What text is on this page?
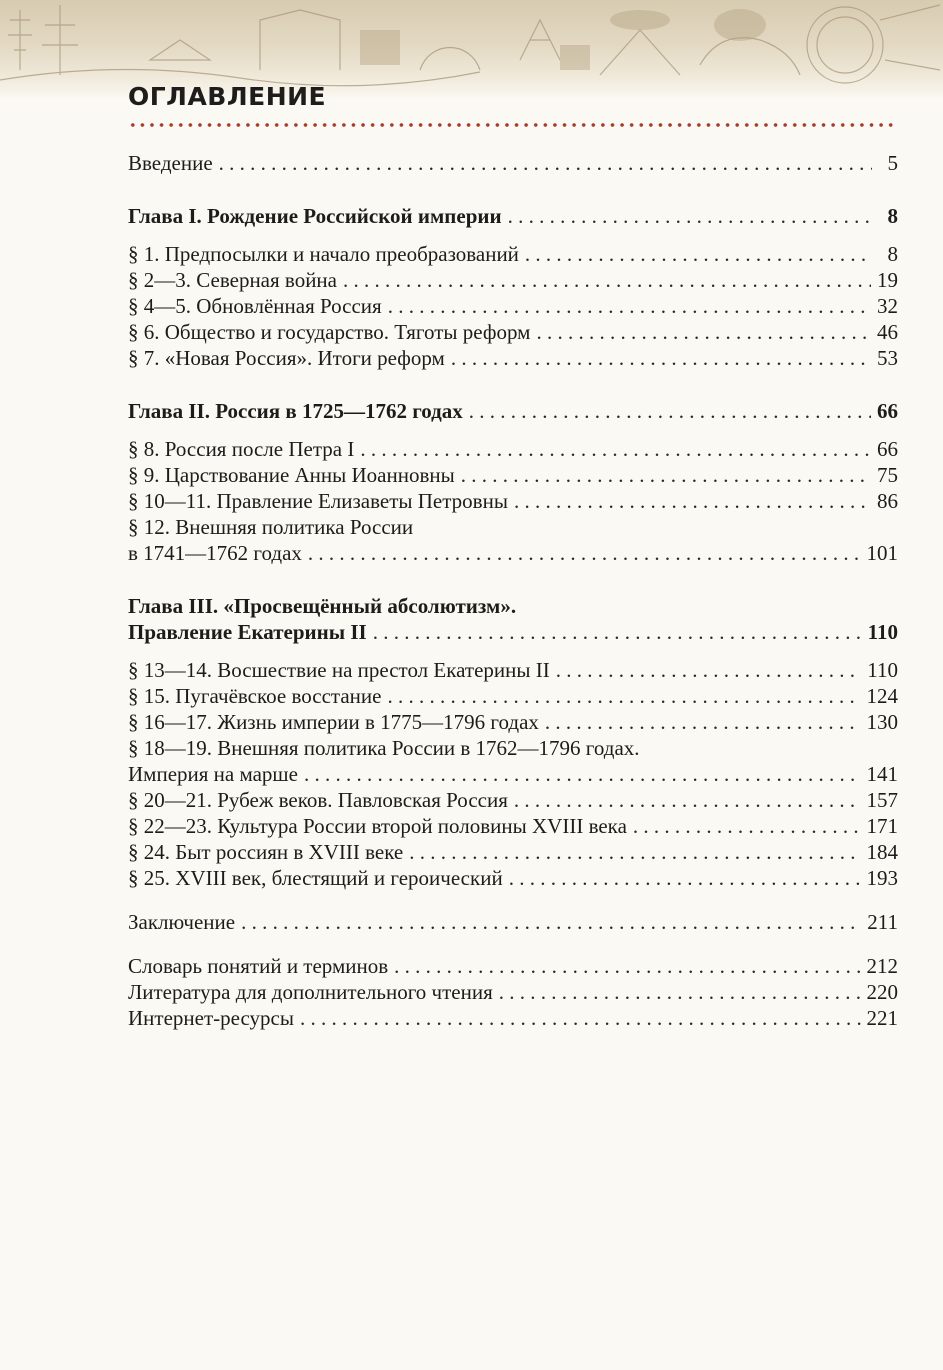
ОГЛАВЛЕНИЕ
Введение . . .	5
Глава I. Рождение Российской империи . . .	8
§ 1. Предпосылки и начало преобразований . . .	8
§ 2—3. Северная война . . .	19
§ 4—5. Обновлённая Россия . . .	32
§ 6. Общество и государство. Тяготы реформ . . .	46
§ 7. «Новая Россия». Итоги реформ . . .	53
Глава II. Россия в 1725—1762 годах . . .	66
§ 8. Россия после Петра I . . .	66
§ 9. Царствование Анны Иоанновны . . .	75
§ 10—11. Правление Елизаветы Петровны . . .	86
§ 12. Внешняя политика России
в 1741—1762 годах . . .	101
Глава III. «Просвещённый абсолютизм».
Правление Екатерины II . . .	110
§ 13—14. Восшествие на престол Екатерины II . . .	110
§ 15. Пугачёвское восстание . . .	124
§ 16—17. Жизнь империи в 1775—1796 годах . . .	130
§ 18—19. Внешняя политика России в 1762—1796 годах.
Империя на марше . . .	141
§ 20—21. Рубеж веков. Павловская Россия . . .	157
§ 22—23. Культура России второй половины XVIII века . . .	171
§ 24. Быт россиян в XVIII веке . . .	184
§ 25. XVIII век, блестящий и героический . . .	193
Заключение . . .	211
Словарь понятий и терминов . . .	212
Литература для дополнительного чтения . . .	220
Интернет-ресурсы . . .	221
